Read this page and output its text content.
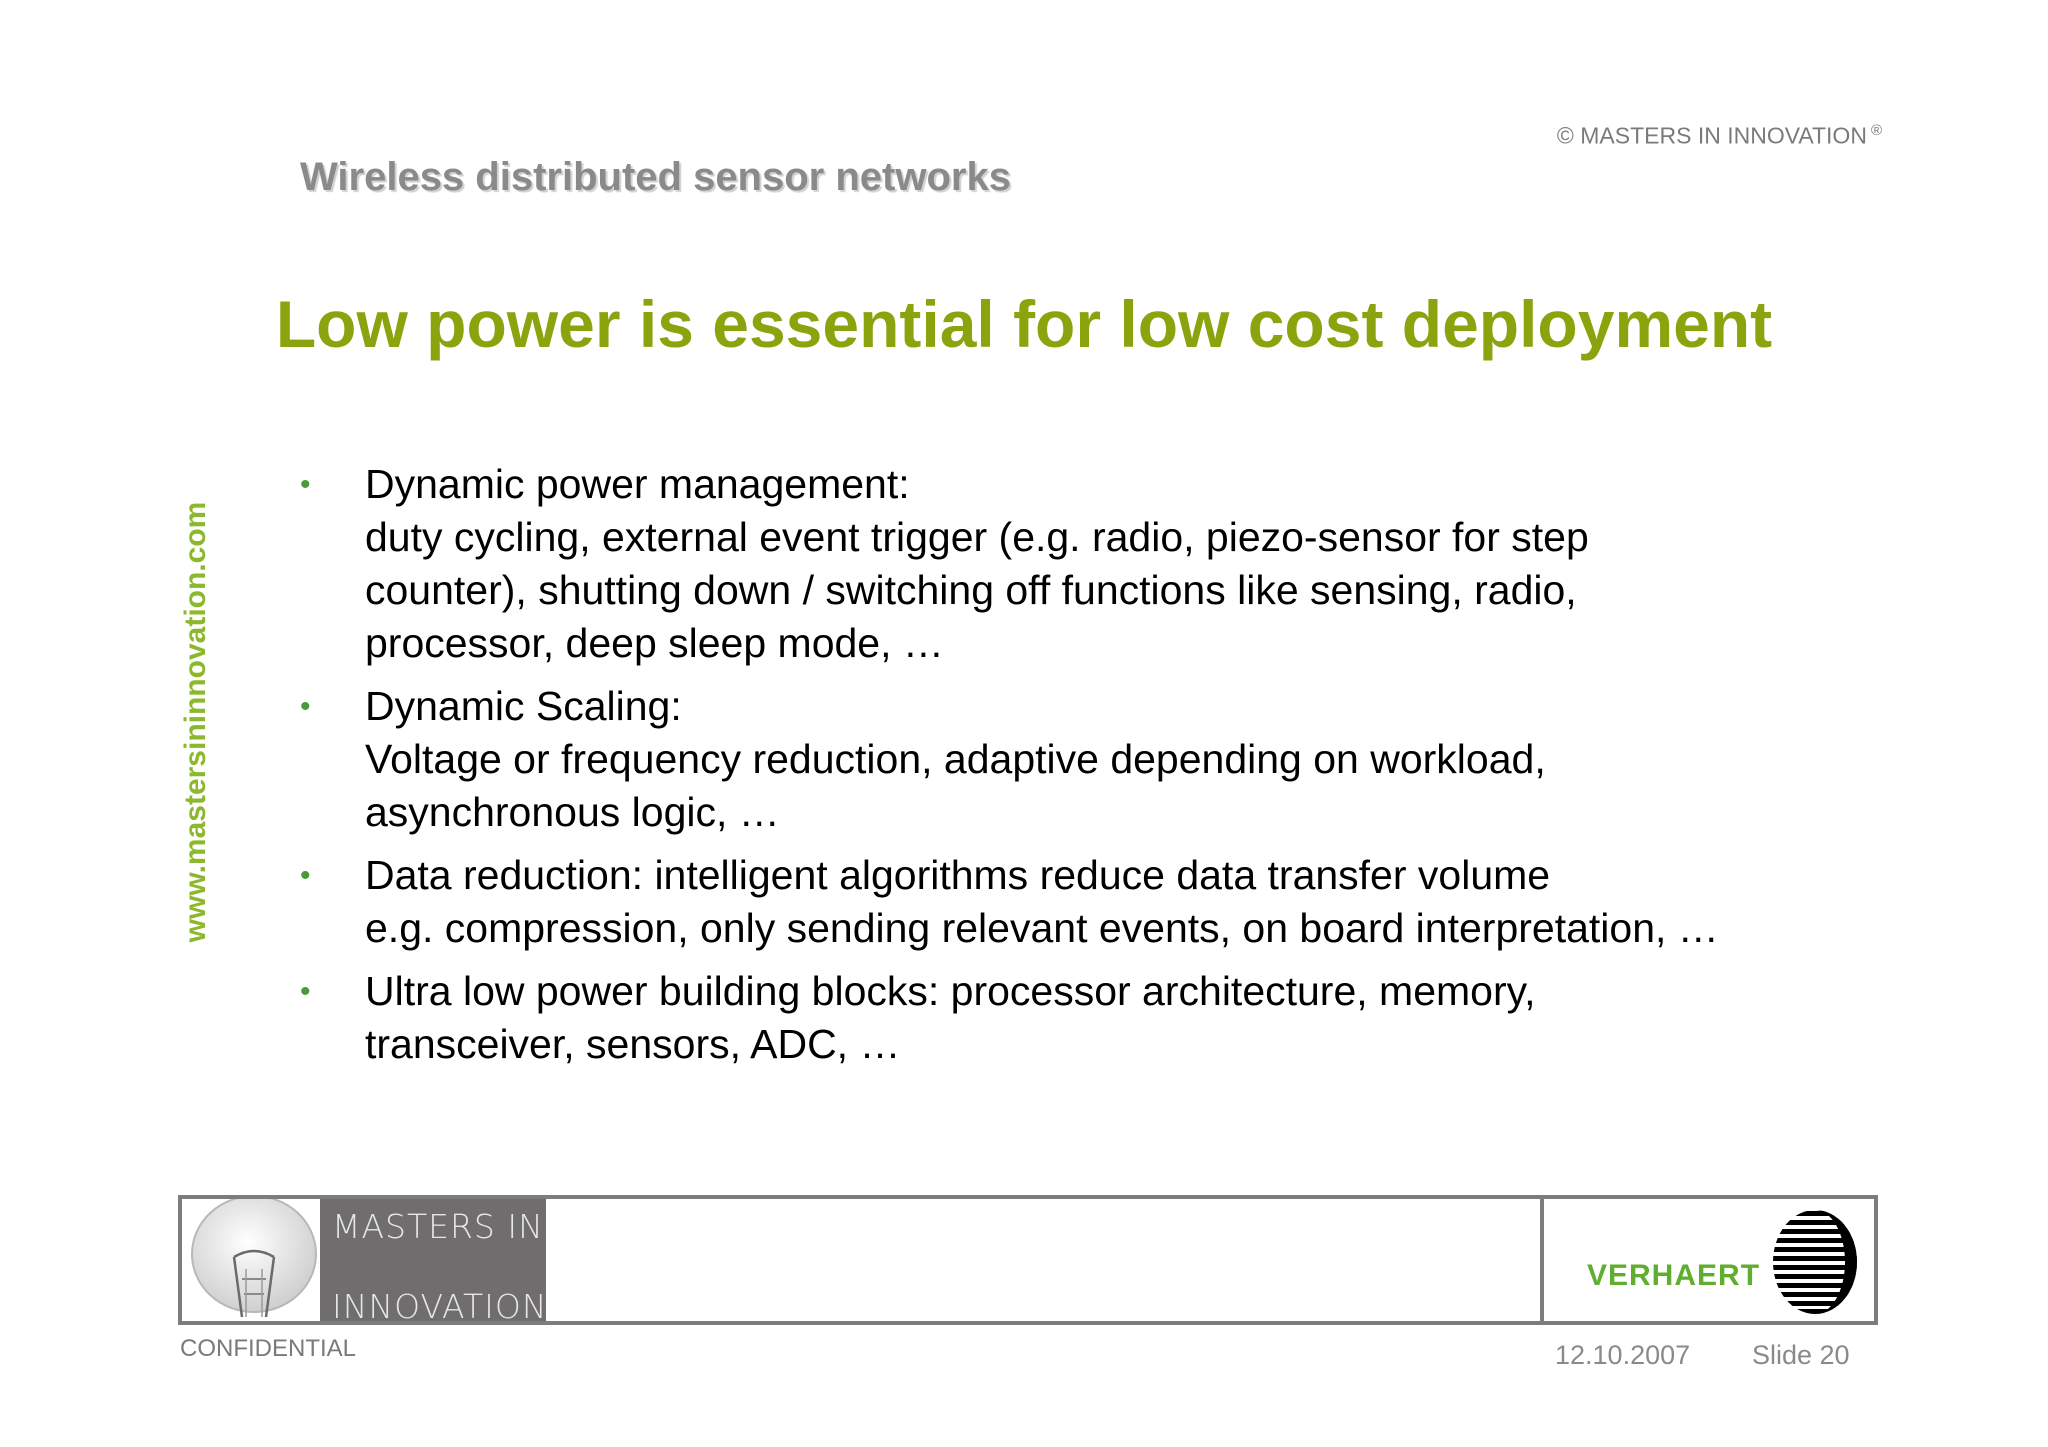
© MASTERS IN INNOVATION ®
Wireless distributed sensor networks
Low power is essential for low cost deployment
www.mastersininnovation.com
• Dynamic power management:
duty cycling, external event trigger (e.g. radio, piezo-sensor for step
counter), shutting down / switching off functions like sensing, radio,
processor, deep sleep mode, …
• Dynamic Scaling:
Voltage or frequency reduction, adaptive depending on workload,
asynchronous logic, …
• Data reduction: intelligent algorithms reduce data transfer volume
e.g. compression, only sending relevant events, on board interpretation, …
• Ultra low power building blocks: processor architecture, memory,
transceiver, sensors, ADC, …
MASTERS IN
INNOVATION
VERHAERT
CONFIDENTIAL	12.10.2007 Slide 20
